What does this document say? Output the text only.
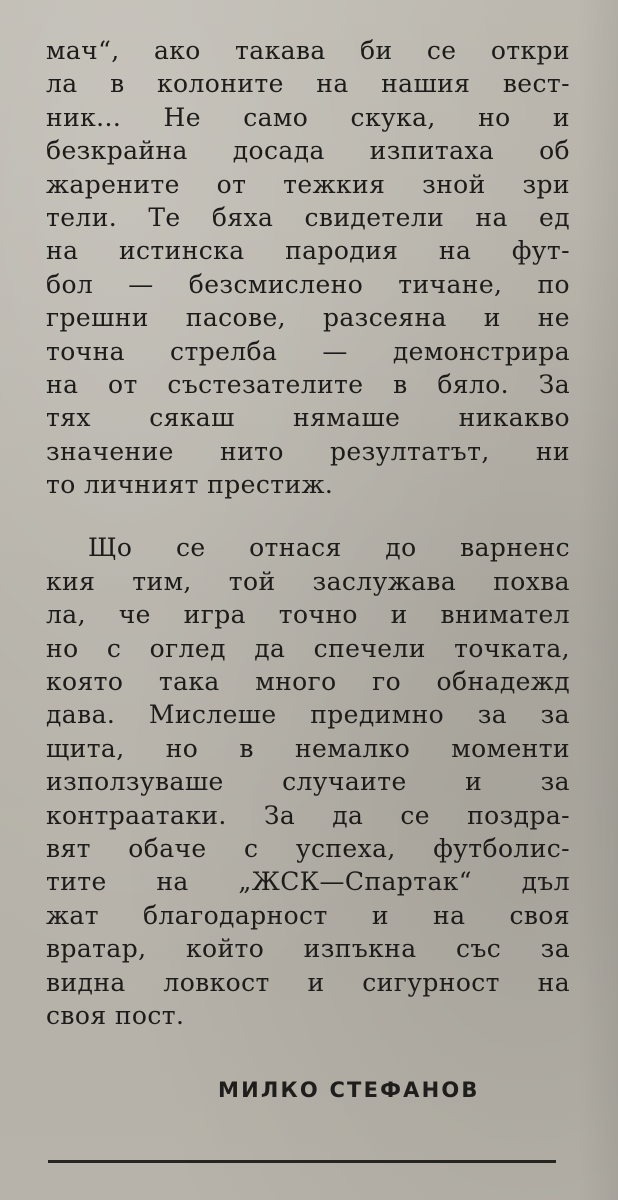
мач“, ако такава би се откри
ла в колоните на нашия вест-
ник... Не само скука, но и
безкрайна досада изпитаха об
жарените от тежкия зной зри
тели. Те бяха свидетели на ед
на истинска пародия на фут-
бол — безсмислено тичане, по
грешни пасове, разсеяна и не
точна стрелба — демонстрира
на от състезателите в бяло. За
тях сякаш нямаше никакво
значение нито резултатът, ни
то личният престиж.
Що се отнася до варненс
кия тим, той заслужава похва
ла, че игра точно и внимател
но с оглед да спечели точката,
която така много го обнадежд
дава. Мислеше предимно за за
щита, но в немалко моменти
използуваше случаите и за
контраатаки. За да се поздра-
вят обаче с успеха, футболис-
тите на „ЖСК—Спартак“ дъл
жат благодарност и на своя
вратар, който изпъкна със за
видна ловкост и сигурност на
своя пост.
МИЛКО СТЕФАНОВ
